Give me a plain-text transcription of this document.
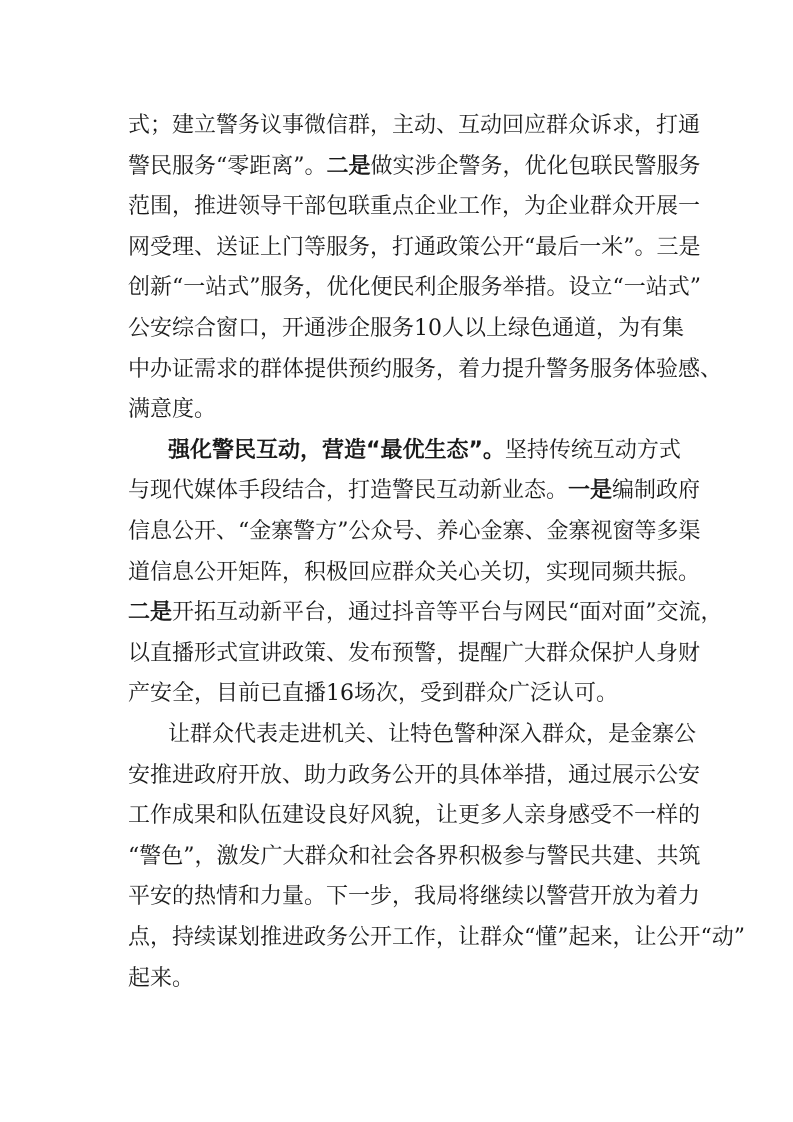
式；建立警务议事微信群，主动、互动回应群众诉求，打通
警民服务“零距离”。二是做实涉企警务，优化包联民警服务
范围，推进领导干部包联重点企业工作，为企业群众开展一
网受理、送证上门等服务，打通政策公开“最后一米”。三是
创新“一站式”服务，优化便民利企服务举措。设立“一站式”
公安综合窗口，开通涉企服务10人以上绿色通道，为有集
中办证需求的群体提供预约服务，着力提升警务服务体验感、
满意度。
强化警民互动，营造“最优生态”。坚持传统互动方式
与现代媒体手段结合，打造警民互动新业态。一是编制政府
信息公开、“金寨警方”公众号、养心金寨、金寨视窗等多渠
道信息公开矩阵，积极回应群众关心关切，实现同频共振。
二是开拓互动新平台，通过抖音等平台与网民“面对面”交流，
以直播形式宣讲政策、发布预警，提醒广大群众保护人身财
产安全，目前已直播16场次，受到群众广泛认可。
让群众代表走进机关、让特色警种深入群众，是金寨公
安推进政府开放、助力政务公开的具体举措，通过展示公安
工作成果和队伍建设良好风貌，让更多人亲身感受不一样的
“警色”，激发广大群众和社会各界积极参与警民共建、共筑
平安的热情和力量。下一步，我局将继续以警营开放为着力
点，持续谋划推进政务公开工作，让群众“懂”起来，让公开“动”
起来。
